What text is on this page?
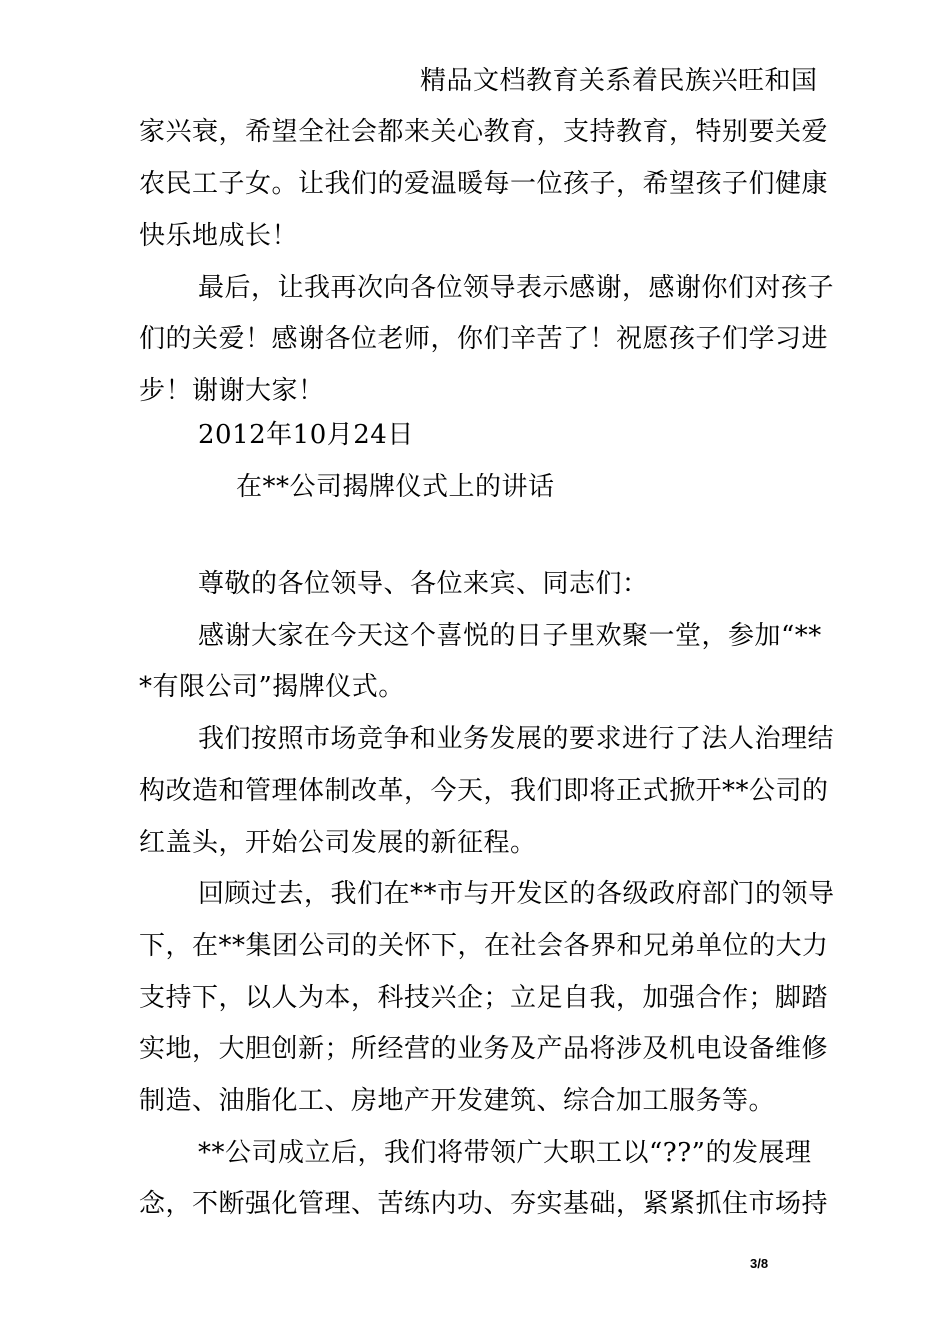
精品文档教育关系着民族兴旺和国
家兴衰，希望全社会都来关心教育，支持教育，特别要关爱
农民工子女。让我们的爱温暖每一位孩子，希望孩子们健康
快乐地成长！
最后，让我再次向各位领导表示感谢，感谢你们对孩子
们的关爱！感谢各位老师，你们辛苦了！祝愿孩子们学习进
步！谢谢大家！
2012年10月24日
在**公司揭牌仪式上的讲话
尊敬的各位领导、各位来宾、同志们：
感谢大家在今天这个喜悦的日子里欢聚一堂，参加“**
*有限公司”揭牌仪式。
我们按照市场竞争和业务发展的要求进行了法人治理结
构改造和管理体制改革，今天，我们即将正式掀开**公司的
红盖头，开始公司发展的新征程。
回顾过去，我们在**市与开发区的各级政府部门的领导
下，在**集团公司的关怀下，在社会各界和兄弟单位的大力
支持下，以人为本，科技兴企；立足自我，加强合作；脚踏
实地，大胆创新；所经营的业务及产品将涉及机电设备维修
制造、油脂化工、房地产开发建筑、综合加工服务等。
**公司成立后，我们将带领广大职工以“??”的发展理
念，不断强化管理、苦练内功、夯实基础，紧紧抓住市场持
3/8
